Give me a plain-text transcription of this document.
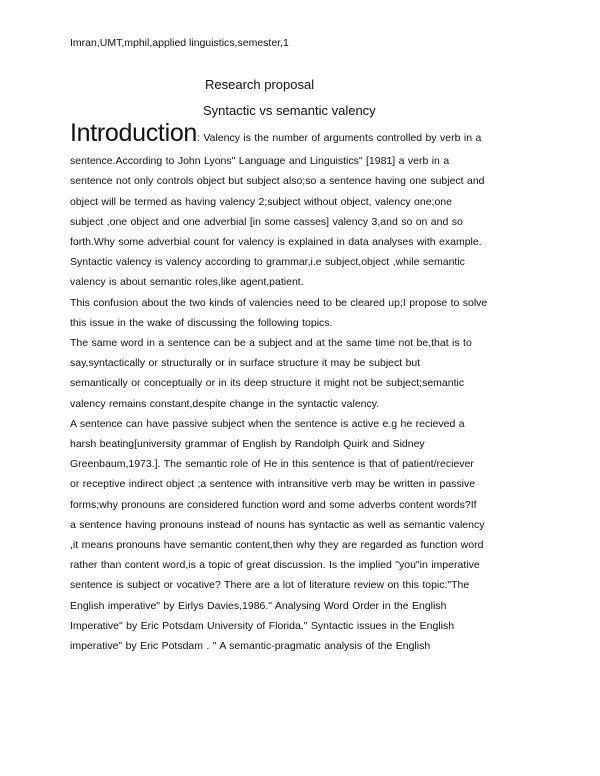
Imran,UMT,mphil,applied linguistics,semester,1
Research proposal
Syntactic vs semantic valency
Introduction: Valency is the number of arguments controlled by verb in a
sentence.According to John Lyons" Language and Linguistics" [1981] a verb in a
sentence not only controls object but subject also;so a sentence having one subject and
object will be termed as having valency 2;subject without object, valency one;one
subject ,one object and one adverbial [in some casses] valency 3,and so on and so
forth.Why some adverbial count for valency is explained in data analyses with example.
Syntactic valency is valency according to grammar,i.e subject,object ,while semantic
valency is about semantic roles,like agent,patient.
This confusion about the two kinds of valencies need to be cleared up;I propose to solve
this issue in the wake of discussing the following topics.
The same word in a sentence can be a subject and at the same time not be,that is to
say,syntactically or structurally or in surface structure it may be subject but
semantically or conceptually or in its deep structure it might not be subject;semantic
valency remains constant,despite change in the syntactic valency.
A sentence can have passive subject when the sentence is active e.g he recieved a
harsh beating[university grammar of English by Randolph Quirk and Sidney
Greenbaum,1973.]. The semantic role of He in this sentence is that of patient/reciever
or receptive indirect object ;a sentence with intransitive verb may be written in passive
forms;why pronouns are considered function word and some adverbs content words?If
a sentence having pronouns instead of nouns has syntactic as well as semantic valency
,it means pronouns have semantic content,then why they are regarded as function word
rather than content word,is a topic of great discussion. Is the implied "you"in imperative
sentence is subject or vocative? There are a lot of literature review on this topic:"The
English imperative" by Eirlys Davies,1986." Analysing Word Order in the English
Imperative" by Eric Potsdam University of Florida." Syntactic issues in the English
imperative" by Eric Potsdam . " A semantic-pragmatic analysis of the English
